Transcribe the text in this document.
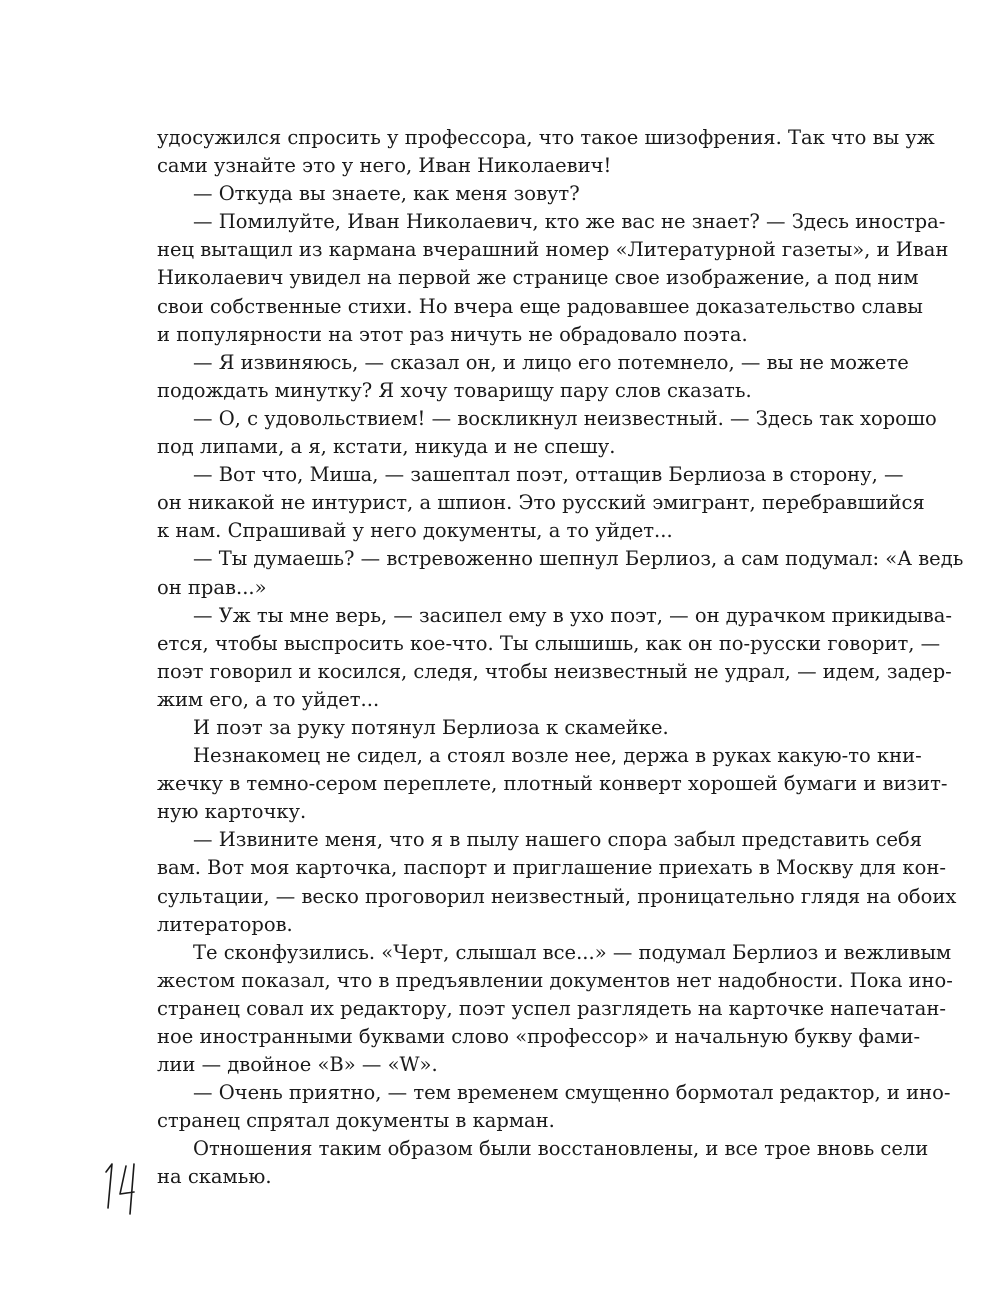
удосужился спросить у профессора, что такое шизофрения. Так что вы уж
сами узнайте это у него, Иван Николаевич!
— Откуда вы знаете, как меня зовут?
— Помилуйте, Иван Николаевич, кто же вас не знает? — Здесь иностра-
нец вытащил из кармана вчерашний номер «Литературной газеты», и Иван
Николаевич увидел на первой же странице свое изображение, а под ним
свои собственные стихи. Но вчера еще радовавшее доказательство славы
и популярности на этот раз ничуть не обрадовало поэта.
— Я извиняюсь, — сказал он, и лицо его потемнело, — вы не можете
подождать минутку? Я хочу товарищу пару слов сказать.
— О, с удовольствием! — воскликнул неизвестный. — Здесь так хорошо
под липами, а я, кстати, никуда и не спешу.
— Вот что, Миша, — зашептал поэт, оттащив Берлиоза в сторону, —
он никакой не интурист, а шпион. Это русский эмигрант, перебравшийся
к нам. Спрашивай у него документы, а то уйдет...
— Ты думаешь? — встревоженно шепнул Берлиоз, а сам подумал: «А ведь
он прав...»
— Уж ты мне верь, — засипел ему в ухо поэт, — он дурачком прикидыва-
ется, чтобы выспросить кое-что. Ты слышишь, как он по-русски говорит, —
поэт говорил и косился, следя, чтобы неизвестный не удрал, — идем, задер-
жим его, а то уйдет...
И поэт за руку потянул Берлиоза к скамейке.
Незнакомец не сидел, а стоял возле нее, держа в руках какую-то кни-
жечку в темно-сером переплете, плотный конверт хорошей бумаги и визит-
ную карточку.
— Извините меня, что я в пылу нашего спора забыл представить себя
вам. Вот моя карточка, паспорт и приглашение приехать в Москву для кон-
сультации, — веско проговорил неизвестный, проницательно глядя на обоих
литераторов.
Те сконфузились. «Черт, слышал все...» — подумал Берлиоз и вежливым
жестом показал, что в предъявлении документов нет надобности. Пока ино-
странец совал их редактору, поэт успел разглядеть на карточке напечатан-
ное иностранными буквами слово «профессор» и начальную букву фами-
лии — двойное «В» — «W».
— Очень приятно, — тем временем смущенно бормотал редактор, и ино-
странец спрятал документы в карман.
Отношения таким образом были восстановлены, и все трое вновь сели
на скамью.
